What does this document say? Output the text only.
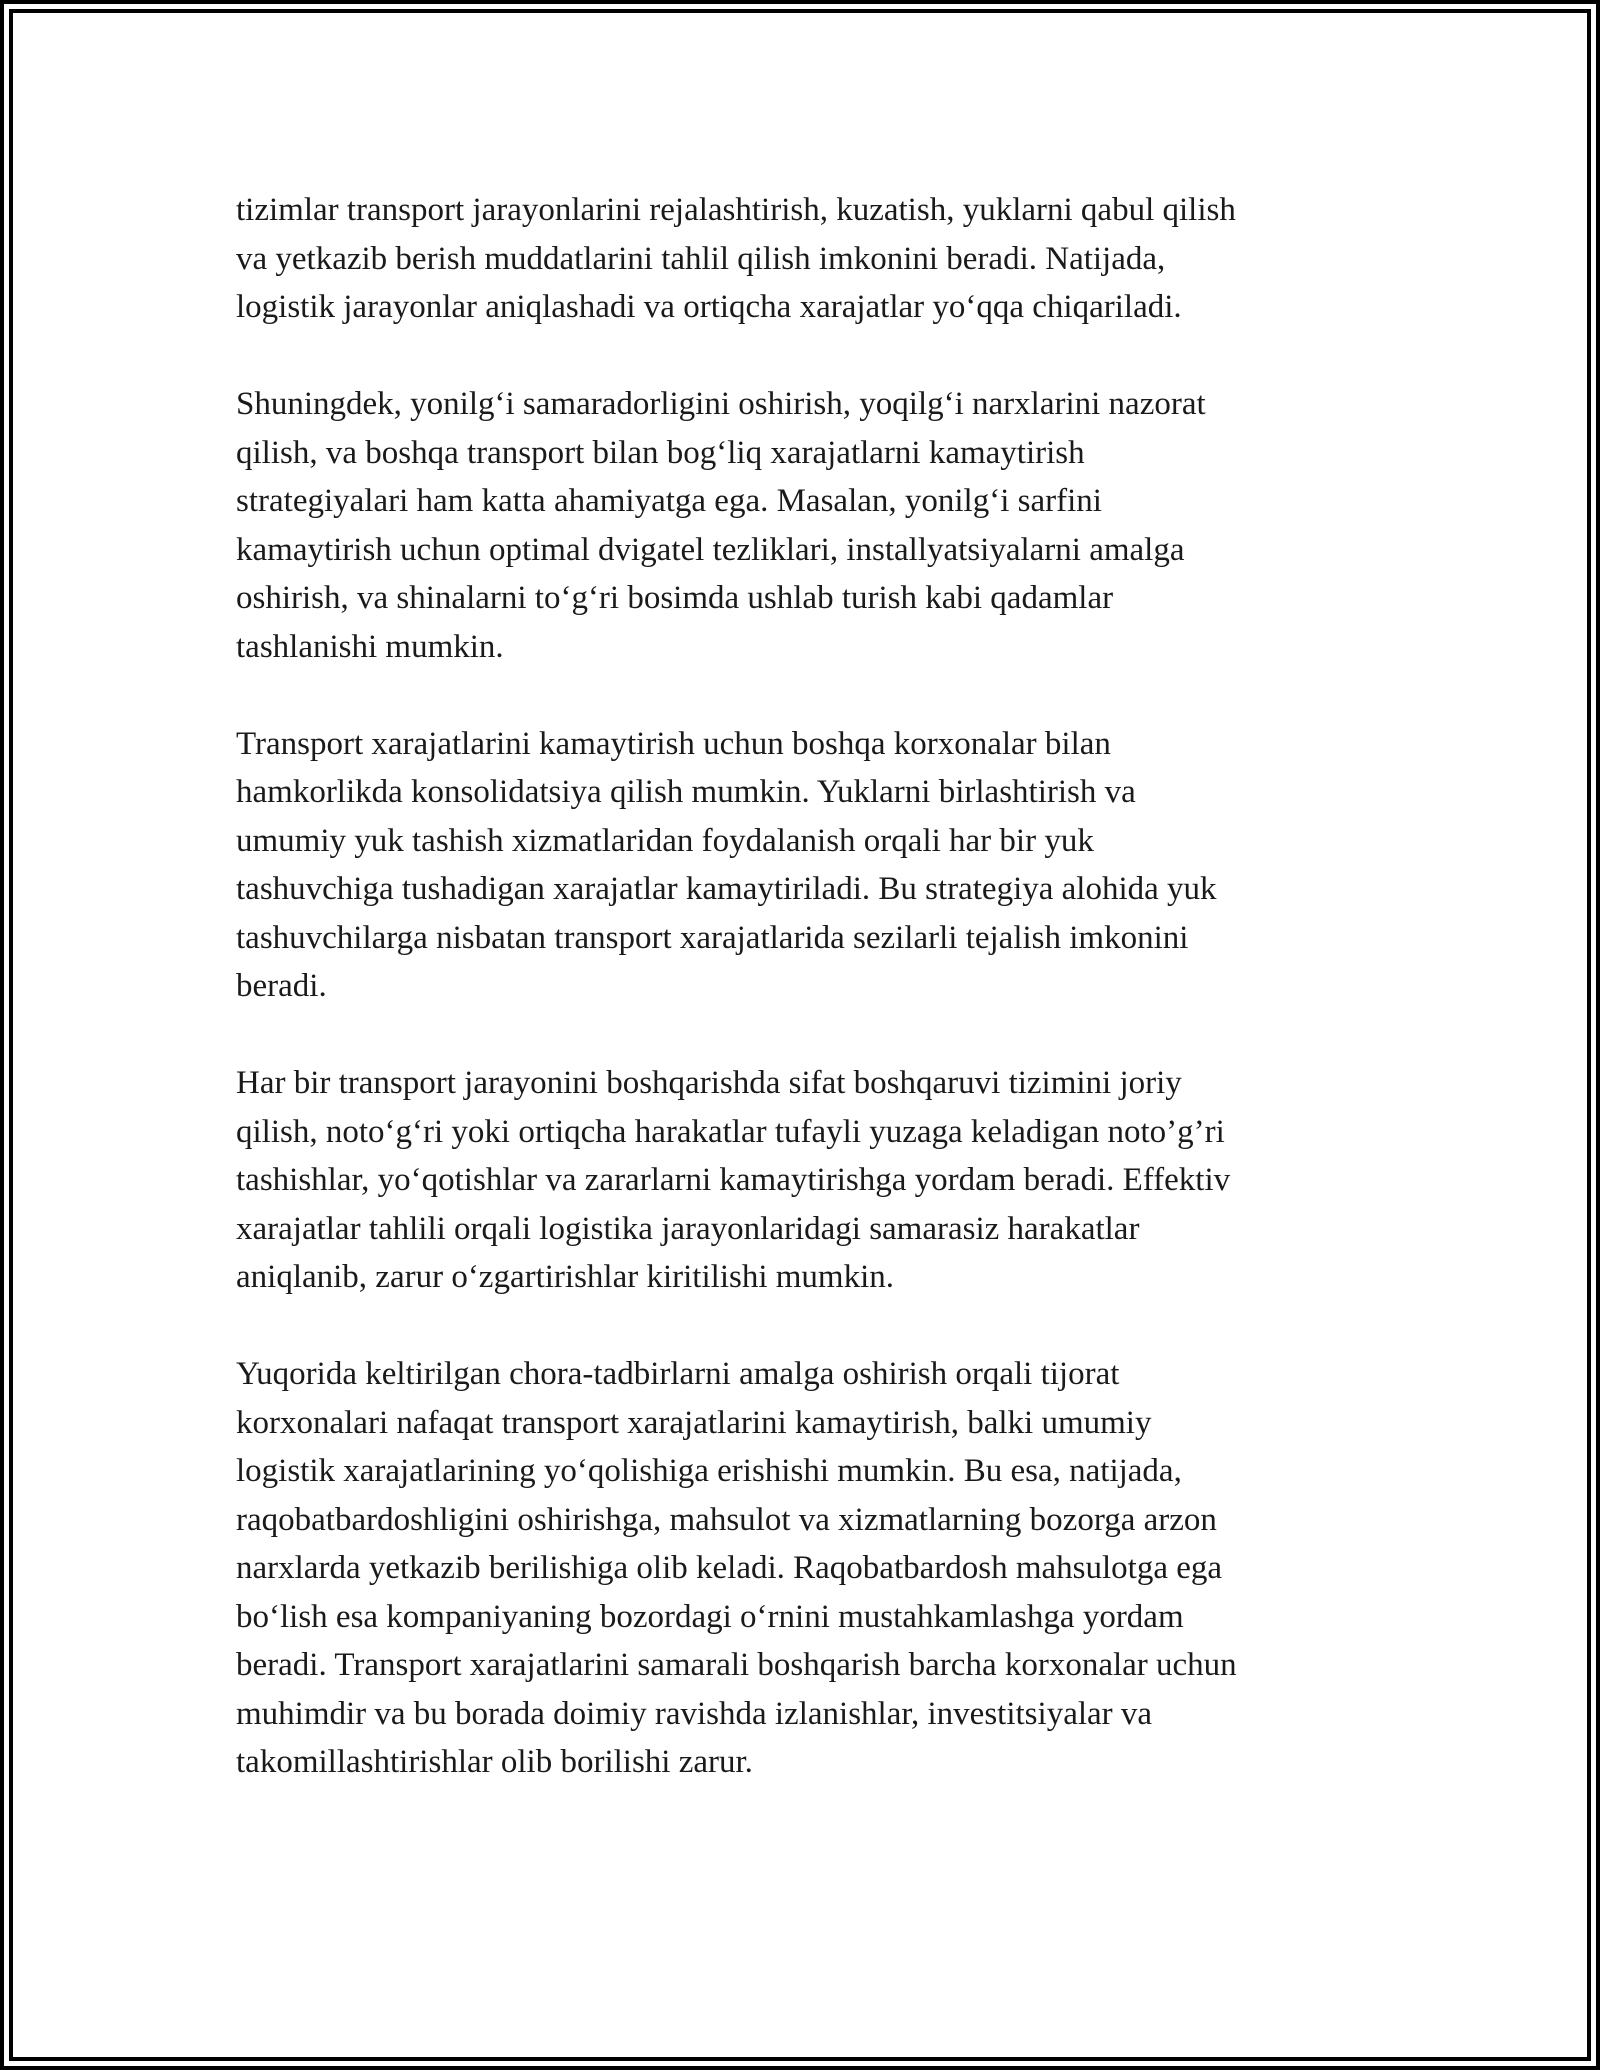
tizimlar transport jarayonlarini rejalashtirish, kuzatish, yuklarni qabul qilish
va yetkazib berish muddatlarini tahlil qilish imkonini beradi. Natijada,
logistik jarayonlar aniqlashadi va ortiqcha xarajatlar yo‘qqa chiqariladi.

Shuningdek, yonilg‘i samaradorligini oshirish, yoqilg‘i narxlarini nazorat
qilish, va boshqa transport bilan bog‘liq xarajatlarni kamaytirish
strategiyalari ham katta ahamiyatga ega. Masalan, yonilg‘i sarfini
kamaytirish uchun optimal dvigatel tezliklari, installyatsiyalarni amalga
oshirish, va shinalarni to‘g‘ri bosimda ushlab turish kabi qadamlar
tashlanishi mumkin.

Transport xarajatlarini kamaytirish uchun boshqa korxonalar bilan
hamkorlikda konsolidatsiya qilish mumkin. Yuklarni birlashtirish va
umumiy yuk tashish xizmatlaridan foydalanish orqali har bir yuk
tashuvchiga tushadigan xarajatlar kamaytiriladi. Bu strategiya alohida yuk
tashuvchilarga nisbatan transport xarajatlarida sezilarli tejalish imkonini
beradi.

Har bir transport jarayonini boshqarishda sifat boshqaruvi tizimini joriy
qilish, noto‘g‘ri yoki ortiqcha harakatlar tufayli yuzaga keladigan noto’g’ri
tashishlar, yo‘qotishlar va zararlarni kamaytirishga yordam beradi. Effektiv
xarajatlar tahlili orqali logistika jarayonlaridagi samarasiz harakatlar
aniqlanib, zarur o‘zgartirishlar kiritilishi mumkin.

Yuqorida keltirilgan chora-tadbirlarni amalga oshirish orqali tijorat
korxonalari nafaqat transport xarajatlarini kamaytirish, balki umumiy
logistik xarajatlarining yo‘qolishiga erishishi mumkin. Bu esa, natijada,
raqobatbardoshligini oshirishga, mahsulot va xizmatlarning bozorga arzon
narxlarda yetkazib berilishiga olib keladi. Raqobatbardosh mahsulotga ega
bo‘lish esa kompaniyaning bozordagi o‘rnini mustahkamlashga yordam
beradi. Transport xarajatlarini samarali boshqarish barcha korxonalar uchun
muhimdir va bu borada doimiy ravishda izlanishlar, investitsiyalar va
takomillashtirishlar olib borilishi zarur.
